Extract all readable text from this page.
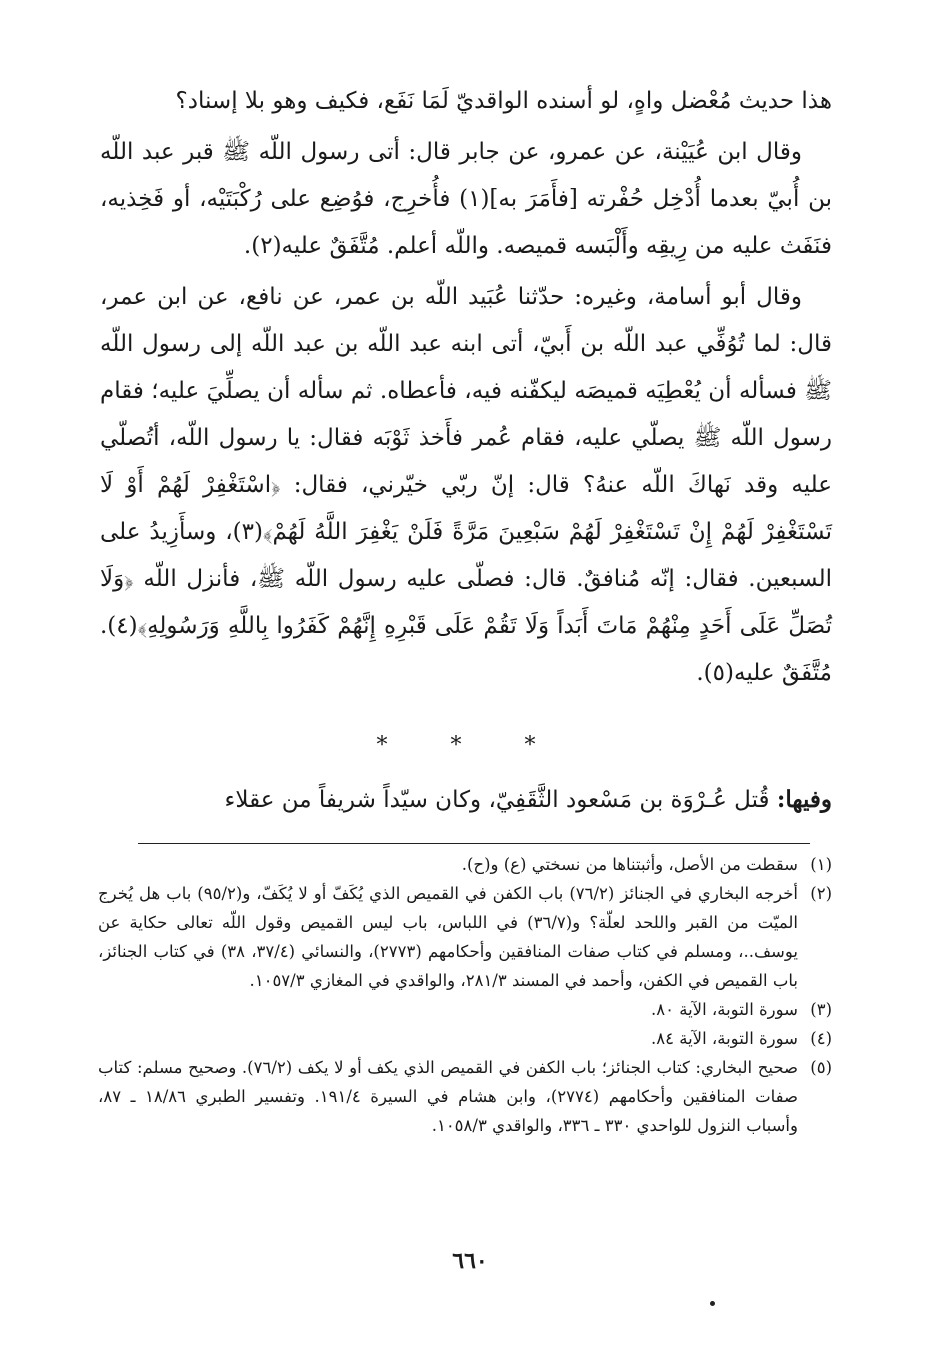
هذا حديث مُعْضل واهٍ، لو أسنده الواقديّ لَمَا نَفَع، فكيف وهو بلا إسناد؟

وقال ابن عُيَيْنة، عن عمرو، عن جابر قال: أتى رسول اللّه ﷺ قبر عبد اللّه بن أُبيّ بعدما أُدْخِل حُفْرته [فأَمَرَ به](١) فأُخرِج، فوُضِع على رُكْبَتَيْه، أو فَخِذيه، فنَفَث عليه من رِيقِه وأَلْبَسه قميصه. واللّه أعلم. مُتَّفَقٌ عليه(٢).

وقال أبو أسامة، وغيره: حدّثنا عُبَيد اللّه بن عمر، عن نافع، عن ابن عمر، قال: لما تُوُفِّي عبد اللّه بن أَبيّ، أتى ابنه عبد اللّه بن عبد اللّه إلى رسول اللّه ﷺ فسأله أن يُعْطِيَه قميصَه ليكفّنه فيه، فأعطاه. ثم سأله أن يصلِّيَ عليه؛ فقام رسول اللّه ﷺ يصلّي عليه، فقام عُمر فأَخذ ثَوْبَه فقال: يا رسول اللّه، أتُصلّي عليه وقد نَهاكَ اللّه عنهُ؟ قال: إنّ ربّي خيّرني، فقال: ﴿اسْتَغْفِرْ لَهُمْ أَوْ لَا تَسْتَغْفِرْ لَهُمْ إِنْ تَسْتَغْفِرْ لَهُمْ سَبْعِينَ مَرَّةً فَلَنْ يَغْفِرَ اللَّهُ لَهُمْ﴾(٣)، وسأَزِيدُ على السبعين. فقال: إنّه مُنافقٌ. قال: فصلّى عليه رسول اللّه ﷺ، فأنزل اللّه ﴿وَلَا تُصَلِّ عَلَى أَحَدٍ مِنْهُمْ مَاتَ أَبَداً وَلَا تَقُمْ عَلَى قَبْرِهِ إِنَّهُمْ كَفَرُوا بِاللَّهِ وَرَسُولِهِ﴾(٤). مُتَّفَقٌ عليه(٥).

* * *
وفيها: قُتل عُـرْوَة بن مَسْعود الثَّقَفِيّ، وكان سيّداً شريفاً من عقلاء
(١)
سقطت من الأصل، وأثبتناها من نسختي (ع) و(ح).
(٢)
أخرجه البخاري في الجنائز (٧٦/٢) باب الكفن في القميص الذي يُكَفّ أو لا يُكَفّ، و(٩٥/٢) باب هل يُخرج الميّت من القبر واللحد لعلّة؟ و(٣٦/٧) في اللباس، باب ليس القميص وقول اللّه تعالى حكاية عن يوسف..، ومسلم في كتاب صفات المنافقين وأحكامهم (٢٧٧٣)، والنسائي (٣٧/٤، ٣٨) في كتاب الجنائز، باب القميص في الكفن، وأحمد في المسند ٢٨١/٣، والواقدي في المغازي ١٠٥٧/٣.
(٣)
سورة التوبة، الآية ٨٠.
(٤)
سورة التوبة، الآية ٨٤.
(٥)
صحيح البخاري: كتاب الجنائز؛ باب الكفن في القميص الذي يكف أو لا يكف (٧٦/٢). وصحيح مسلم: كتاب صفات المنافقين وأحكامهم (٢٧٧٤)، وابن هشام في السيرة ١٩١/٤. وتفسير الطبري ١٨/٨٦ ـ ٨٧، وأسباب النزول للواحدي ٣٣٠ ـ ٣٣٦، والواقدي ١٠٥٨/٣.
٦٦٠
